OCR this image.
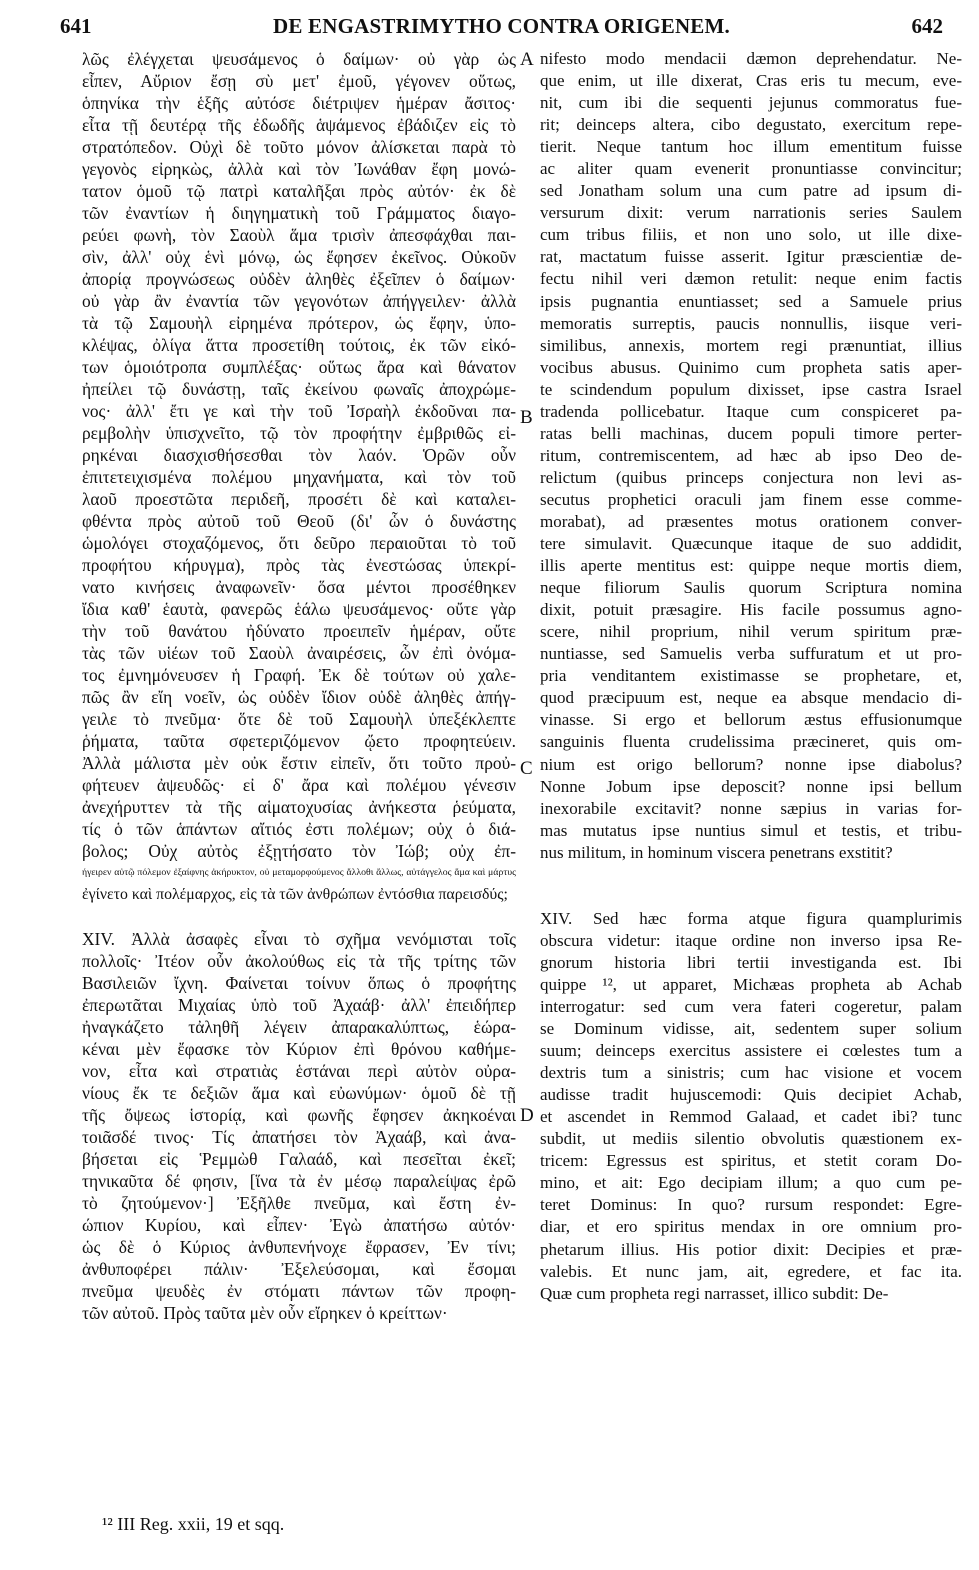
641	DE ENGASTRIMYTHO CONTRA ORIGENEM.	642
λῶς ἐλέγχεται ψευσάμενος ὁ δαίμων· οὐ γὰρ ὡς
εἶπεν, Αὔριον ἔσῃ σὺ μετ' ἐμοῦ, γέγονεν οὕτως,
ὁπηνίκα τὴν ἑξῆς αὐτόσε διέτριψεν ἡμέραν ἄσιτος·
εἶτα τῇ δευτέρᾳ τῆς ἐδωδῆς ἁψάμενος ἐβάδιζεν εἰς τὸ
στρατόπεδον. Οὐχὶ δὲ τοῦτο μόνον ἀλίσκεται παρὰ τὸ
γεγονὸς εἰρηκὼς, ἀλλὰ καὶ τὸν Ἰωνάθαν ἔφη μονώ-
τατον ὁμοῦ τῷ πατρὶ καταλῆξαι πρὸς αὐτόν· ἐκ δὲ
τῶν ἐναντίων ἡ διηγηματικὴ τοῦ Γράμματος διαγο-
ρεύει φωνὴ, τὸν Σαοὺλ ἅμα τρισὶν ἀπεσφάχθαι παι-
σὶν, ἀλλ' οὐχ ἑνὶ μόνῳ, ὡς ἔφησεν ἐκεῖνος. Οὐκοῦν
ἀπορίᾳ προγνώσεως οὐδὲν ἀληθὲς ἐξεῖπεν ὁ δαίμων·
οὐ γὰρ ἂν ἐναντία τῶν γεγονότων ἀπήγγειλεν· ἀλλὰ
τὰ τῷ Σαμουὴλ εἰρημένα πρότερον, ὡς ἔφην, ὑπο-
κλέψας, ὀλίγα ἅττα προσετίθη τούτοις, ἐκ τῶν εἰκό-
των ὁμοιότροπα συμπλέξας· οὕτως ἄρα καὶ θάνατον
ἠπείλει τῷ δυνάστῃ, ταῖς ἐκείνου φωναῖς ἀποχρώμε-
νος· ἀλλ' ἔτι γε καὶ τὴν τοῦ Ἰσραὴλ ἐκδοῦναι πα-
ρεμβολὴν ὑπισχνεῖτο, τῷ τὸν προφήτην ἐμβριθῶς εἰ-
ρηκέναι διασχισθήσεσθαι τὸν λαόν. Ὁρῶν οὖν
ἐπιτετειχισμένα πολέμου μηχανήματα, καὶ τὸν τοῦ
λαοῦ προεστῶτα περιδεῆ, προσέτι δὲ καὶ καταλει-
φθέντα πρὸς αὐτοῦ τοῦ Θεοῦ (δι' ὧν ὁ δυνάστης
ὡμολόγει στοχαζόμενος, ὅτι δεῦρο περαιοῦται τὸ τοῦ
προφήτου κήρυγμα), πρὸς τὰς ἐνεστώσας ὑπεκρί-
νατο κινήσεις ἀναφωνεῖν· ὅσα μέντοι προσέθηκεν
ἴδια καθ' ἑαυτὰ, φανερῶς ἑάλω ψευσάμενος· οὔτε γὰρ
τὴν τοῦ θανάτου ἠδύνατο προειπεῖν ἡμέραν, οὔτε
τὰς τῶν υἱέων τοῦ Σαοὺλ ἀναιρέσεις, ὧν ἐπὶ ὀνόμα-
τος ἐμνημόνευσεν ἡ Γραφή. Ἐκ δὲ τούτων οὐ χαλε-
πῶς ἂν εἴη νοεῖν, ὡς οὐδὲν ἴδιον οὐδὲ ἀληθὲς ἀπήγ-
γειλε τὸ πνεῦμα· ὅτε δὲ τοῦ Σαμουὴλ ὑπεξέκλεπτε
ῥήματα, ταῦτα σφετεριζόμενον ᾤετο προφητεύειν.
Ἀλλὰ μάλιστα μὲν οὐκ ἔστιν εἰπεῖν, ὅτι τοῦτο προὐ-
φήτευεν ἀψευδῶς· εἰ δ' ἄρα καὶ πολέμου γένεσιν
ἀνεχήρυττεν τὰ τῆς αἱματοχυσίας ἀνήκεστα ῥεύματα,
τίς ὁ τῶν ἁπάντων αἴτιός ἐστι πολέμων; οὐχ ὁ διά-
βολος; Οὐχ αὐτὸς ἐξῃτήσατο τὸν Ἰώβ; οὐχ ἐπ-
ήγειρεν αὐτῷ πόλεμον ἐξαίφνης ἀκήρυκτον, οὐ μεταμορφούμενος ἄλλοθι ἄλλως, αὐτάγγελος ἅμα καὶ μάρτυς
ἐγίνετο καὶ πολέμαρχος, εἰς τὰ τῶν ἀνθρώπων ἐντόσθια παρεισδύς;
XIV. Ἀλλὰ ἀσαφὲς εἶναι τὸ σχῆμα νενόμισται τοῖς
πολλοῖς· Ἰτέον οὖν ἀκολούθως εἰς τὰ τῆς τρίτης τῶν
Βασιλειῶν ἴχνη. Φαίνεται τοίνυν ὅπως ὁ προφήτης
ἐπερωτᾶται Μιχαίας ὑπὸ τοῦ Ἀχαάβ· ἀλλ' ἐπειδήπερ
ἠναγκάζετο τἀληθῆ λέγειν ἀπαρακαλύπτως, ἑώρα-
κέναι μὲν ἔφασκε τὸν Κύριον ἐπὶ θρόνου καθήμε-
νον, εἶτα καὶ στρατιὰς ἑστάναι περὶ αὐτὸν οὐρα-
νίους ἔκ τε δεξιῶν ἅμα καὶ εὐωνύμων· ὁμοῦ δὲ τῇ
τῆς ὄψεως ἱστορίᾳ, καὶ φωνῆς ἔφησεν ἀκηκοέναι
τοιᾶσδέ τινος· Τίς ἀπατήσει τὸν Ἀχαάβ, καὶ ἀνα-
βήσεται εἰς Ῥεμμὼθ Γαλαάδ, καὶ πεσεῖται ἐκεῖ;
τηνικαῦτα δέ φησιν, [ἵνα τὰ ἐν μέσῳ παραλείψας ἐρῶ
τὸ ζητούμενον·] Ἐξῆλθε πνεῦμα, καὶ ἔστη ἐν-
ώπιον Κυρίου, καὶ εἶπεν· Ἐγὼ ἀπατήσω αὐτόν·
ὡς δὲ ὁ Κύριος ἀνθυπενήνοχε ἔφρασεν, Ἐν τίνι;
ἀνθυποφέρει πάλιν· Ἐξελεύσομαι, καὶ ἔσομαι
πνεῦμα ψευδὲς ἐν στόματι πάντων τῶν προφη-
τῶν αὐτοῦ. Πρὸς ταῦτα μὲν οὖν εἴρηκεν ὁ κρείττων·
nifesto modo mendacii dæmon deprehendatur. Ne-
que enim, ut ille dixerat, Cras eris tu mecum, eve-
nit, cum ibi die sequenti jejunus commoratus fue-
rit; deinceps altera, cibo degustato, exercitum repe-
tierit. Neque tantum hoc illum ementitum fuisse
ac aliter quam evenerit pronuntiasse convincitur;
sed Jonatham solum una cum patre ad ipsum di-
versurum dixit: verum narrationis series Saulem
cum tribus filiis, et non uno solo, ut ille dixe-
rat, mactatum fuisse asserit. Igitur præscientiæ de-
fectu nihil veri dæmon retulit: neque enim factis
ipsis pugnantia enuntiasset; sed a Samuele prius
memoratis surreptis, paucis nonnullis, iisque veri-
similibus, annexis, mortem regi prænuntiat, illius
vocibus abusus. Quinimo cum propheta satis aper-
te scindendum populum dixisset, ipse castra Israel
tradenda pollicebatur. Itaque cum conspiceret pa-
ratas belli machinas, ducem populi timore perter-
ritum, contremiscentem, ad hæc ab ipso Deo de-
relictum (quibus princeps conjectura non levi as-
secutus prophetici oraculi jam finem esse comme-
morabat), ad præsentes motus orationem conver-
tere simulavit. Quæcunque itaque de suo addidit,
illis aperte mentitus est: quippe neque mortis diem,
neque filiorum Saulis quorum Scriptura nomina
dixit, potuit præsagire. His facile possumus agno-
scere, nihil proprium, nihil verum spiritum præ-
nuntiasse, sed Samuelis verba suffuratum et ut pro-
pria venditantem existimasse se prophetare, et,
quod præcipuum est, neque ea absque mendacio di-
vinasse. Si ergo et bellorum æstus effusionumque
sanguinis fluenta crudelissima præcineret, quis om-
nium est origo bellorum? nonne ipse diabolus?
Nonne Jobum ipse deposcit? nonne ipsi bellum
inexorabile excitavit? nonne sæpius in varias for-
mas mutatus ipse nuntius simul et testis, et tribu-
nus militum, in hominum viscera penetrans exstitit?
XIV. Sed hæc forma atque figura quamplurimis
obscura videtur: itaque ordine non inverso ipsa Re-
gnorum historia libri tertii investiganda est. Ibi
quippe ¹², ut apparet, Michæas propheta ab Achab
interrogatur: sed cum vera fateri cogeretur, palam
se Dominum vidisse, ait, sedentem super solium
suum; deinceps exercitus assistere ei cœlestes tum a
dextris tum a sinistris; cum hac visione et vocem
audisse tradit hujuscemodi: Quis decipiet Achab,
et ascendet in Remmod Galaad, et cadet ibi? tunc
subdit, ut mediis silentio obvolutis quæstionem ex-
tricem: Egressus est spiritus, et stetit coram Do-
mino, et ait: Ego decipiam illum; a quo cum pe-
teret Dominus: In quo? rursum respondet: Egre-
diar, et ero spiritus mendax in ore omnium pro-
phetarum illius. His potior dixit: Decipies et præ-
valebis. Et nunc jam, ait, egredere, et fac ita.
Quæ cum propheta regi narrasset, illico subdit: De-
A
B
C
D
¹² III Reg. xxii, 19 et sqq.
